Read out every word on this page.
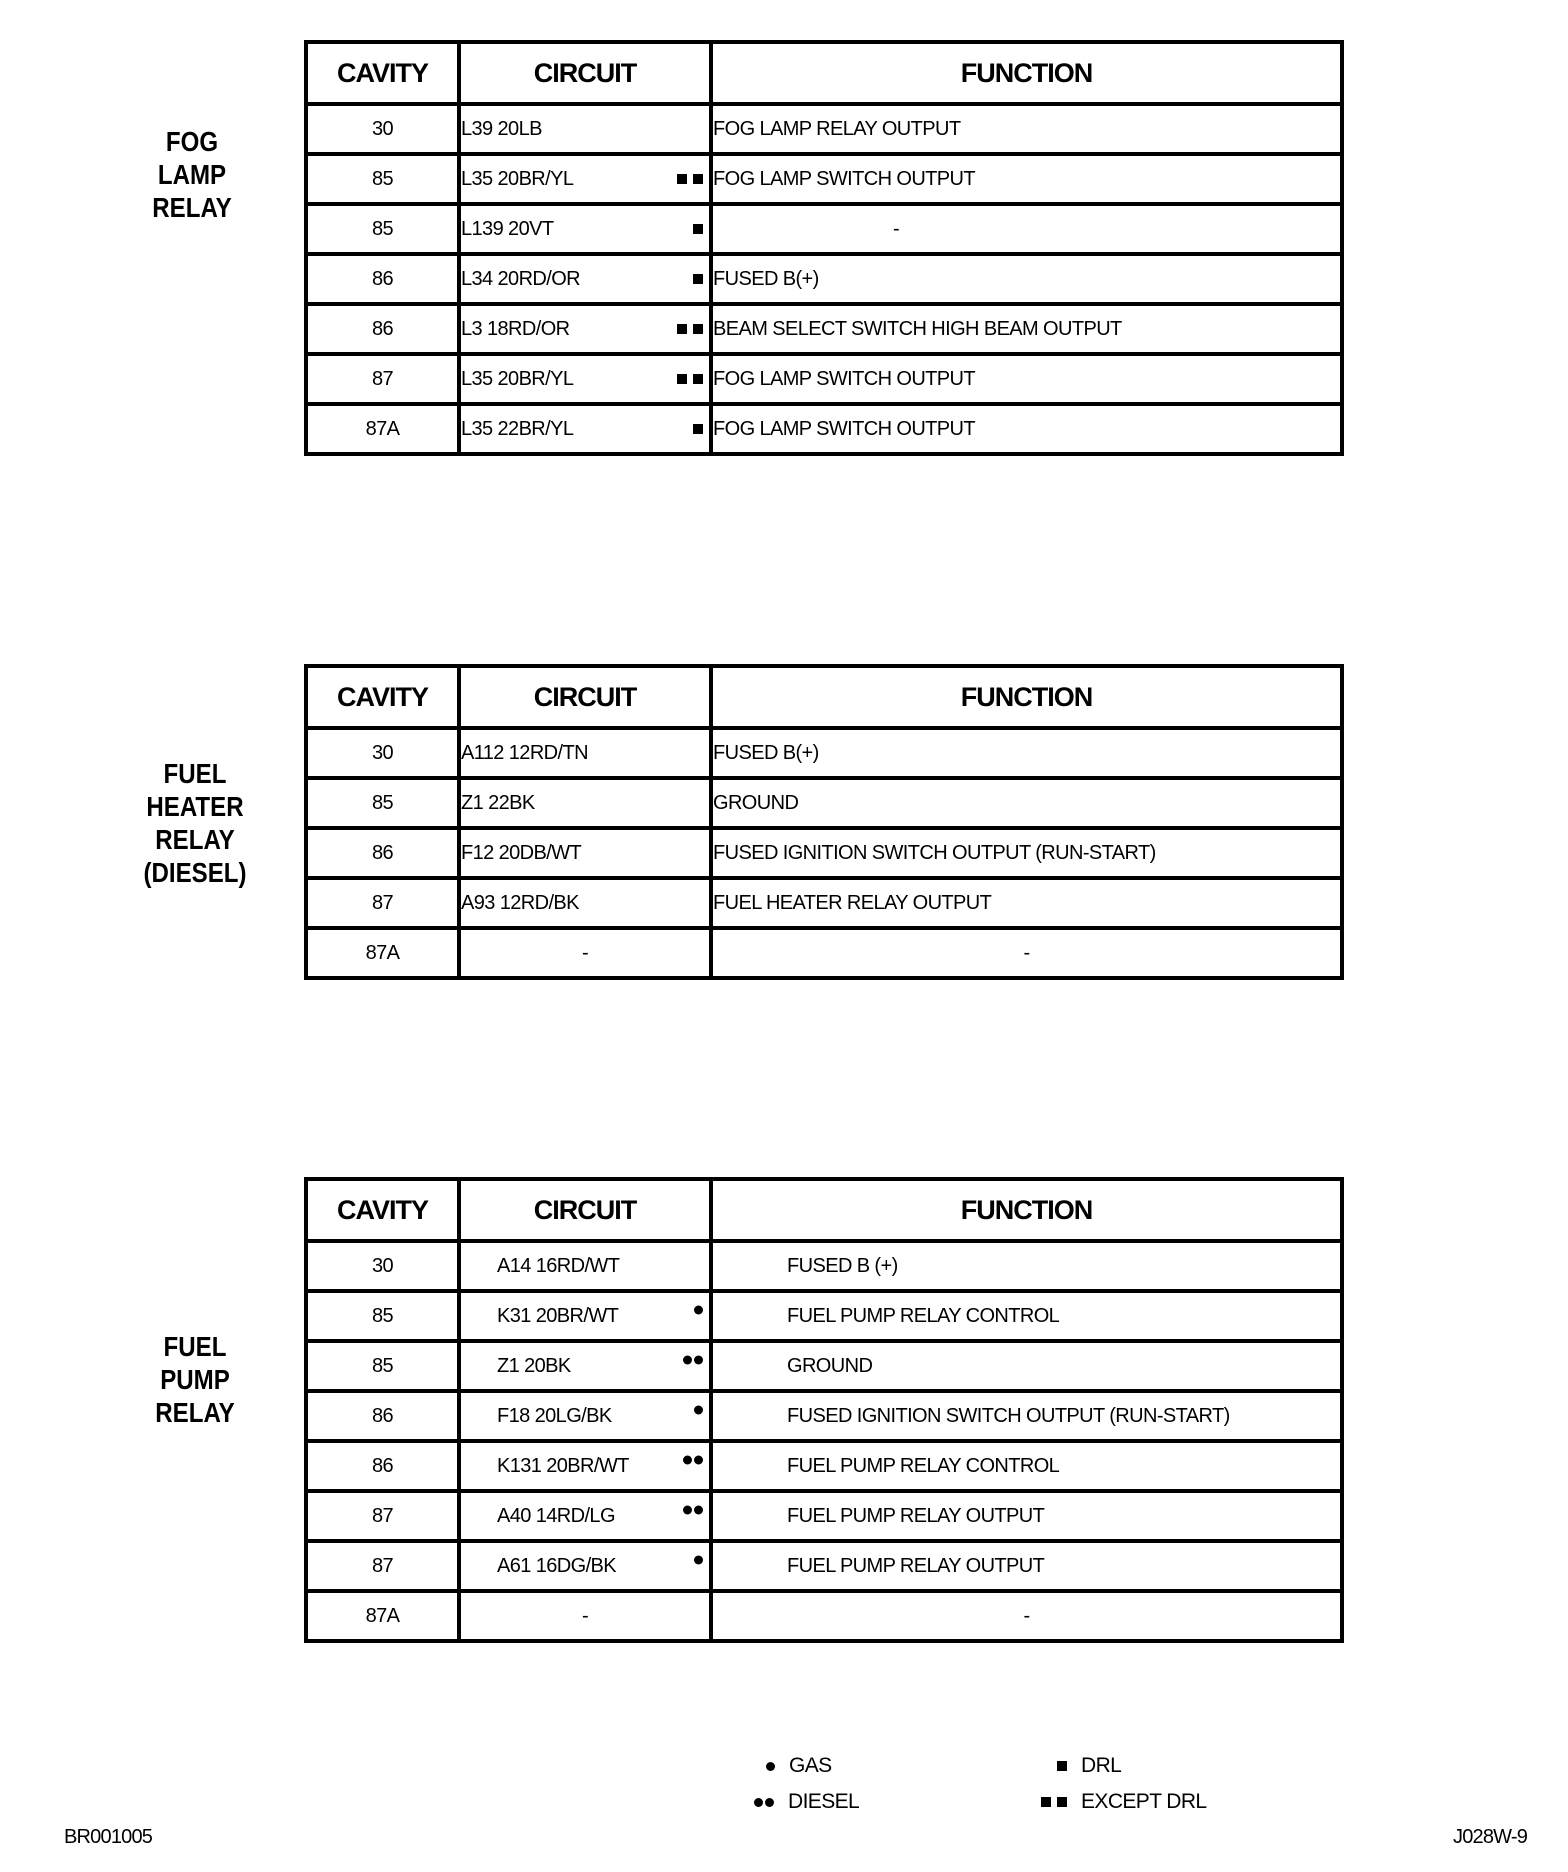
FOG
LAMP
RELAY
CAVITY	CIRCUIT	FUNCTION
30	L39 20LB	FOG LAMP RELAY OUTPUT
85	L35 20BR/YL	FOG LAMP SWITCH OUTPUT
85	L139 20VT	-
86	L34 20RD/OR	FUSED B(+)
86	L3 18RD/OR	BEAM SELECT SWITCH HIGH BEAM OUTPUT
87	L35 20BR/YL	FOG LAMP SWITCH OUTPUT
87A	L35 22BR/YL	FOG LAMP SWITCH OUTPUT
FUEL
HEATER
RELAY
(DIESEL)
CAVITY	CIRCUIT	FUNCTION
30	A112 12RD/TN	FUSED B(+)
85	Z1 22BK	GROUND
86	F12 20DB/WT	FUSED IGNITION SWITCH OUTPUT (RUN-START)
87	A93 12RD/BK	FUEL HEATER RELAY OUTPUT
87A	-	-
FUEL
PUMP
RELAY
CAVITY	CIRCUIT	FUNCTION
30	A14 16RD/WT	FUSED B (+)
85	K31 20BR/WT	FUEL PUMP RELAY CONTROL
85	Z1 20BK	GROUND
86	F18 20LG/BK	FUSED IGNITION SWITCH OUTPUT (RUN-START)
86	K131 20BR/WT	FUEL PUMP RELAY CONTROL
87	A40 14RD/LG	FUEL PUMP RELAY OUTPUT
87	A61 16DG/BK	FUEL PUMP RELAY OUTPUT
87A	-	-
GAS
DIESEL
DRL
EXCEPT DRL
BR001005	J028W-9
